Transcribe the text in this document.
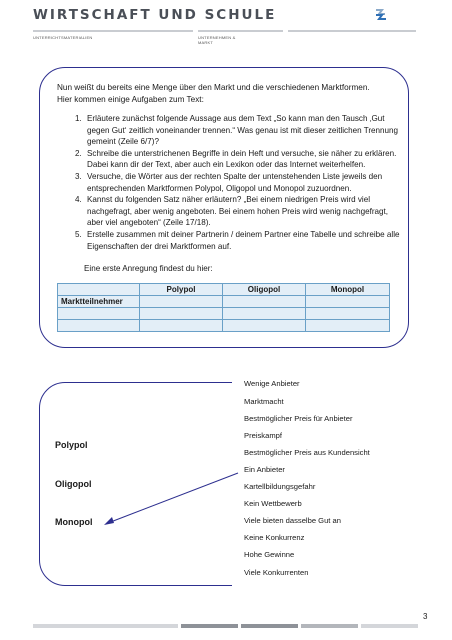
WIRTSCHAFT UND SCHULE
UNTERRICHTSMATERIALIEN	UNTERNEHMEN &
MARKT

Nun weißt du bereits eine Menge über den Markt und die verschiedenen Marktformen. Hier kommen einige Aufgaben zum Text:

1. Erläutere zunächst folgende Aussage aus dem Text „So kann man den Tausch ‚Gut gegen Gut‘ zeitlich voneinander trennen.“ Was genau ist mit dieser zeitlichen Trennung gemeint (Zeile 6/7)?
2. Schreibe die unterstrichenen Begriffe in dein Heft und versuche, sie näher zu erklären. Dabei kann dir der Text, aber auch ein Lexikon oder das Internet weiterhelfen.
3. Versuche, die Wörter aus der rechten Spalte der untenstehenden Liste jeweils den entsprechenden Marktformen Polypol, Oligopol und Monopol zuzuordnen.
4. Kannst du folgenden Satz näher erläutern? „Bei einem niedrigen Preis wird viel nachgefragt, aber wenig angeboten. Bei einem hohen Preis wird wenig nachgefragt, aber viel angeboten“ (Zeile 17/18).
5. Erstelle zusammen mit deiner Partnerin / deinem Partner eine Tabelle und schreibe alle Eigenschaften der drei Marktformen auf.

Eine erste Anregung findest du hier:

	Polypol	Oligopol	Monopol
Marktteilnehmer			

Polypol
Oligopol
Monopol
Wenige Anbieter
Marktmacht
Bestmöglicher Preis für Anbieter
Preiskampf
Bestmöglicher Preis aus Kundensicht
Ein Anbieter
Kartellbildungsgefahr
Kein Wettbewerb
Viele bieten dasselbe Gut an
Keine Konkurrenz
Hohe Gewinne
Viele Konkurrenten
3
